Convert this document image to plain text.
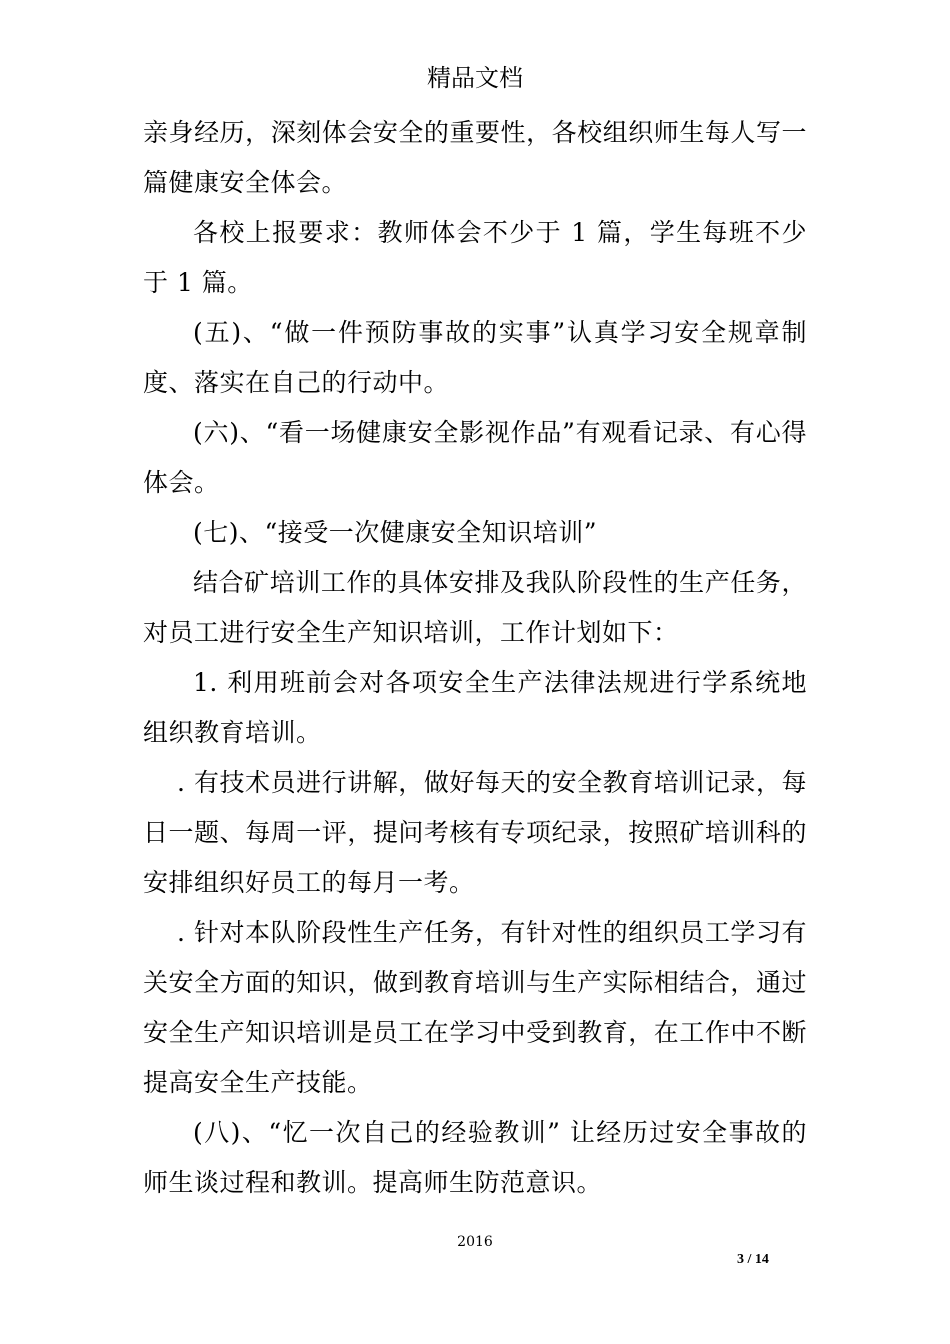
精品文档

亲身经历，深刻体会安全的重要性，各校组织师生每人写一篇健康安全体会。

各校上报要求：教师体会不少于 1 篇，学生每班不少于 1 篇。

(五)、“做一件预防事故的实事”认真学习安全规章制度、落实在自己的行动中。

(六)、“看一场健康安全影视作品”有观看记录、有心得体会。

(七)、“接受一次健康安全知识培训”

结合矿培训工作的具体安排及我队阶段性的生产任务，对员工进行安全生产知识培训，工作计划如下：

1. 利用班前会对各项安全生产法律法规进行学系统地组织教育培训。

. 有技术员进行讲解，做好每天的安全教育培训记录，每日一题、每周一评，提问考核有专项纪录，按照矿培训科的安排组织好员工的每月一考。

. 针对本队阶段性生产任务，有针对性的组织员工学习有关安全方面的知识，做到教育培训与生产实际相结合，通过安全生产知识培训是员工在学习中受到教育，在工作中不断提高安全生产技能。

(八)、“忆一次自己的经验教训” 让经历过安全事故的师生谈过程和教训。提高师生防范意识。

2016
3 / 14
